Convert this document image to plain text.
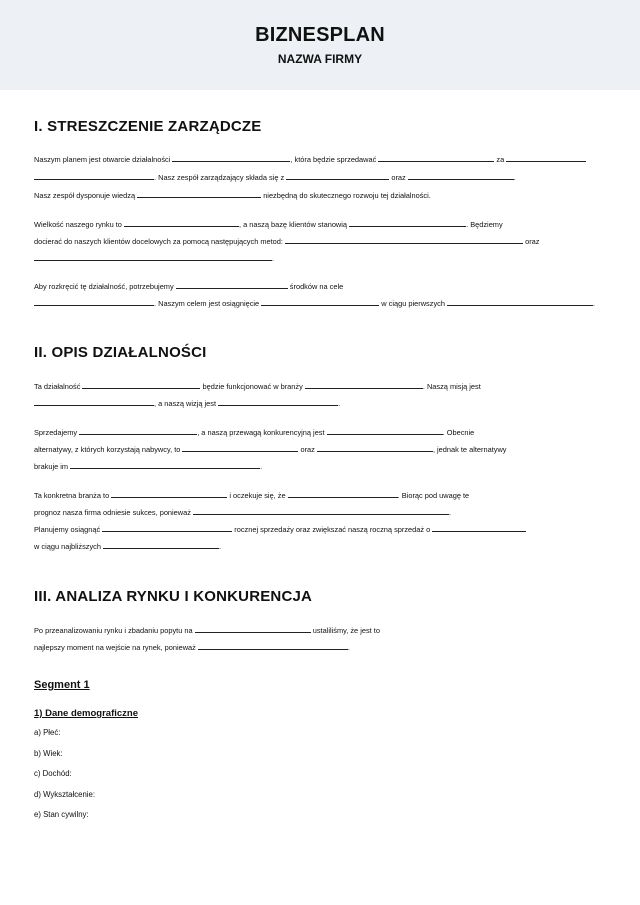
BIZNESPLAN
NAZWA FIRMY
I. STRESZCZENIE ZARZĄDCZE
Naszym planem jest otwarcie działalności	, która będzie sprzedawać	za
. Nasz zespół zarządzający składa się z	oraz	.
Nasz zespół dysponuje wiedzą	niezbędną do skutecznego rozwoju tej działalności.
Wielkość naszego rynku to	, a naszą bazę klientów stanowią	. Będziemy
docierać do naszych klientów docelowych za pomocą następujących metod:	oraz
.
Aby rozkręcić tę działalność, potrzebujemy	środków na cele
. Naszym celem jest osiągnięcie	w ciągu pierwszych	.
II. OPIS DZIAŁALNOŚCI
Ta działalność	będzie funkcjonować w branży	. Naszą misją jest
, a naszą wizją jest	.
Sprzedajemy	, a naszą przewagą konkurencyjną jest	. Obecnie
alternatywy, z których korzystają nabywcy, to	oraz	, jednak te alternatywy
brakuje im	.
Ta konkretna branża to	i oczekuje się, że	. Biorąc pod uwagę te
prognoz nasza firma odniesie sukces, ponieważ	.
Planujemy osiągnąć	rocznej sprzedaży oraz zwiększać naszą roczną sprzedaż o
w ciągu najbliższych	.
III. ANALIZA RYNKU I KONKURENCJA
Po przeanalizowaniu rynku i zbadaniu popytu na	ustaliliśmy, że jest to
najlepszy moment na wejście na rynek, ponieważ	.
Segment 1
1) Dane demograficzne
a) Płeć:
b) Wiek:
c) Dochód:
d) Wykształcenie:
e) Stan cywilny:
